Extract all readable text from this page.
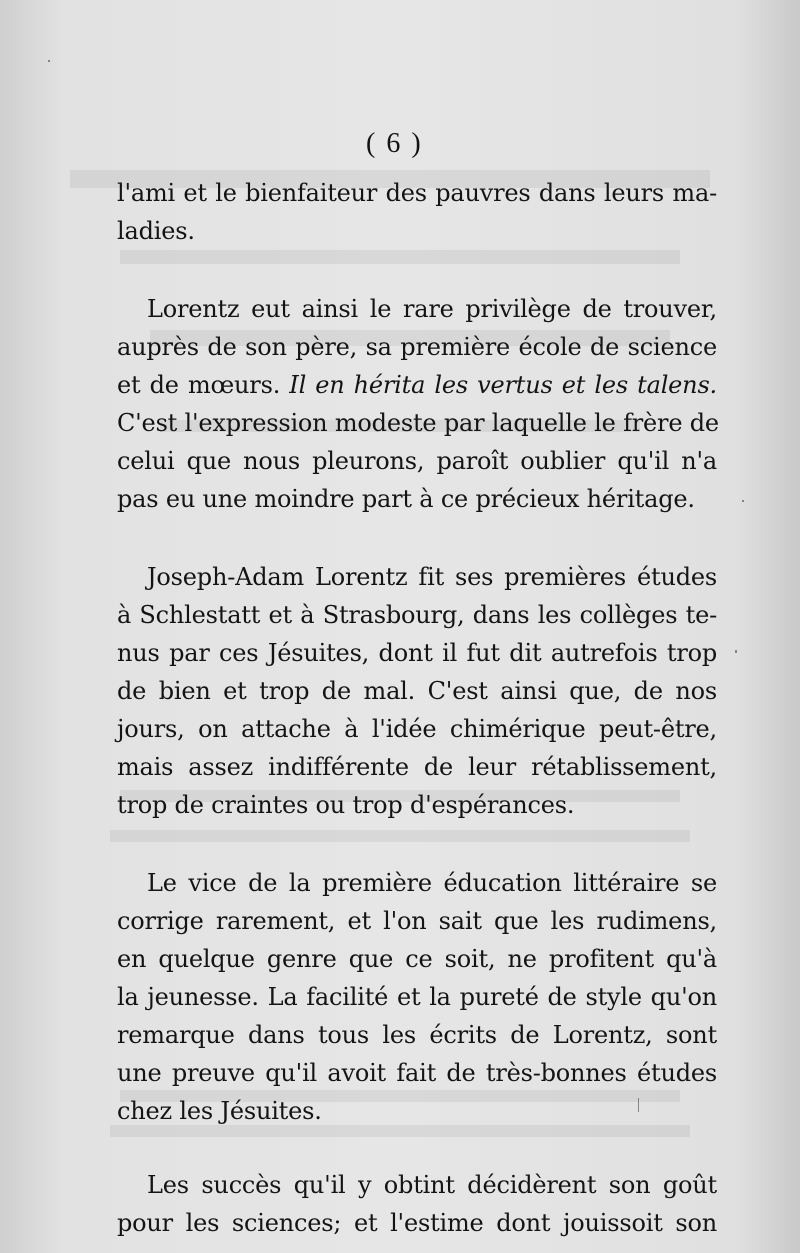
( 6 )
l'ami et le bienfaiteur des pauvres dans leurs ma-
ladies.
Lorentz eut ainsi le rare privilège de trouver,
auprès de son père, sa première école de science
et de mœurs. Il en hérita les vertus et les talens.
C'est l'expression modeste par laquelle le frère de
celui que nous pleurons, paroît oublier qu'il n'a
pas eu une moindre part à ce précieux héritage.
Joseph-Adam Lorentz fit ses premières études
à Schlestatt et à Strasbourg, dans les collèges te-
nus par ces Jésuites, dont il fut dit autrefois trop
de bien et trop de mal. C'est ainsi que, de nos
jours, on attache à l'idée chimérique peut-être,
mais assez indifférente de leur rétablissement,
trop de craintes ou trop d'espérances.
Le vice de la première éducation littéraire se
corrige rarement, et l'on sait que les rudimens,
en quelque genre que ce soit, ne profitent qu'à
la jeunesse. La facilité et la pureté de style qu'on
remarque dans tous les écrits de Lorentz, sont
une preuve qu'il avoit fait de très-bonnes études
chez les Jésuites.
Les succès qu'il y obtint décidèrent son goût
pour les sciences; et l'estime dont jouissoit son
